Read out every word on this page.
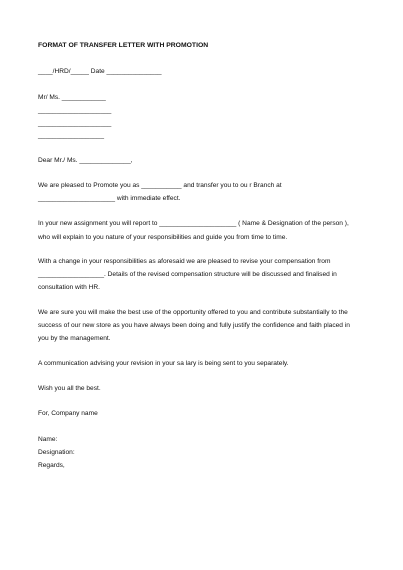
FORMAT OF TRANSFER LETTER WITH PROMOTION
____/HRD/_____ Date _______________
Mr/ Ms. ____________
____________________
____________________
__________________
Dear Mr./ Ms. ______________,
We are pleased to Promote you as ___________ and transfer you to ou r Branch at
_____________________ with immediate effect.
In your new assignment you will report to _____________________ ( Name & Designation of the person ),
who will explain to you nature of your responsibilities and guide you from time to time.
With a change in your responsibilities as aforesaid we are pleased to revise your compensation from
__________________. Details of the revised compensation structure will be discussed and finalised in
consultation with HR.
We are sure you will make the best use of the opportunity offered to you and contribute substantially to the
success of our new store as you have always been doing and fully justify the confidence and faith placed in
you by the management.
A communication advising your revision in your sa lary is being sent to you separately.
Wish you all the best.
For, Company name
Name:
Designation:
Regards,
